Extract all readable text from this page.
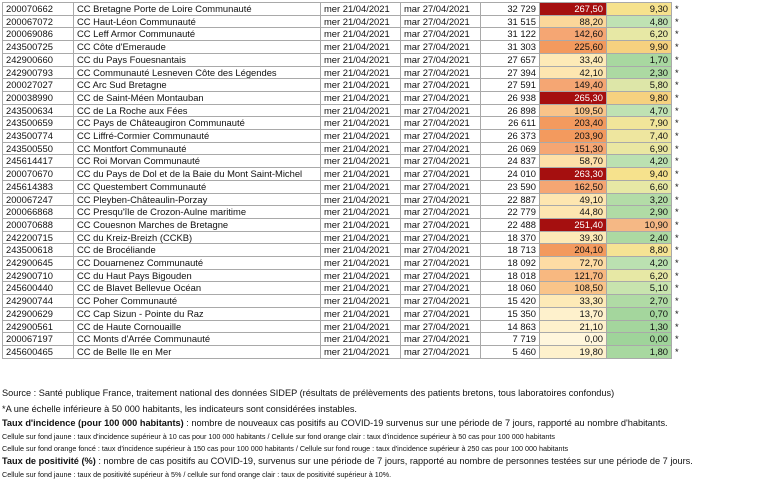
200070662	CC Bretagne Porte de Loire Communauté	mer 21/04/2021	mar 27/04/2021	32 729	267,50	9,30	*
200067072	CC Haut-Léon Communauté	mer 21/04/2021	mar 27/04/2021	31 515	88,20	4,80	*
200069086	CC Leff Armor Communauté	mer 21/04/2021	mar 27/04/2021	31 122	142,60	6,20	*
243500725	CC Côte d'Emeraude	mer 21/04/2021	mar 27/04/2021	31 303	225,60	9,90	*
242900660	CC du Pays Fouesnantais	mer 21/04/2021	mar 27/04/2021	27 657	33,40	1,70	*
242900793	CC Communauté Lesneven Côte des Légendes	mer 21/04/2021	mar 27/04/2021	27 394	42,10	2,30	*
200027027	CC Arc Sud Bretagne	mer 21/04/2021	mar 27/04/2021	27 591	149,40	5,80	*
200038990	CC de Saint-Méen Montauban	mer 21/04/2021	mar 27/04/2021	26 938	265,30	9,80	*
243500634	CC de La Roche aux Fées	mer 21/04/2021	mar 27/04/2021	26 898	109,50	4,70	*
243500659	CC Pays de Châteaugiron Communauté	mer 21/04/2021	mar 27/04/2021	26 611	203,40	7,90	*
243500774	CC Liffré-Cormier Communauté	mer 21/04/2021	mar 27/04/2021	26 373	203,90	7,40	*
243500550	CC Montfort Communauté	mer 21/04/2021	mar 27/04/2021	26 069	151,30	6,90	*
245614417	CC Roi Morvan Communauté	mer 21/04/2021	mar 27/04/2021	24 837	58,70	4,20	*
200070670	CC du Pays de Dol et de la Baie du Mont Saint-Michel	mer 21/04/2021	mar 27/04/2021	24 010	263,30	9,40	*
245614383	CC Questembert Communauté	mer 21/04/2021	mar 27/04/2021	23 590	162,50	6,60	*
200067247	CC Pleyben-Châteaulin-Porzay	mer 21/04/2021	mar 27/04/2021	22 887	49,10	3,20	*
200066868	CC Presqu'île de Crozon-Aulne maritime	mer 21/04/2021	mar 27/04/2021	22 779	44,80	2,90	*
200070688	CC Couesnon Marches de Bretagne	mer 21/04/2021	mar 27/04/2021	22 488	251,40	10,90	*
242200715	CC du Kreiz-Breizh (CCKB)	mer 21/04/2021	mar 27/04/2021	18 370	39,30	2,40	*
243500618	CC de Brocéliande	mer 21/04/2021	mar 27/04/2021	18 713	204,10	8,80	*
242900645	CC Douarnenez Communauté	mer 21/04/2021	mar 27/04/2021	18 092	72,70	4,20	*
242900710	CC du Haut Pays Bigouden	mer 21/04/2021	mar 27/04/2021	18 018	121,70	6,20	*
245600440	CC de Blavet Bellevue Océan	mer 21/04/2021	mar 27/04/2021	18 060	108,50	5,10	*
242900744	CC Poher Communauté	mer 21/04/2021	mar 27/04/2021	15 420	33,30	2,70	*
242900629	CC Cap Sizun - Pointe du Raz	mer 21/04/2021	mar 27/04/2021	15 350	13,70	0,70	*
242900561	CC de Haute Cornouaille	mer 21/04/2021	mar 27/04/2021	14 863	21,10	1,30	*
200067197	CC Monts d'Arrée Communauté	mer 21/04/2021	mar 27/04/2021	7 719	0,00	0,00	*
245600465	CC de Belle Ile en Mer	mer 21/04/2021	mar 27/04/2021	5 460	19,80	1,80	*
Source : Santé publique France, traitement national des données SIDEP (résultats de prélèvements des patients bretons, tous laboratoires confondus)
*A une échelle inférieure à 50 000 habitants, les indicateurs sont considérées instables.
Taux d'incidence (pour 100 000 habitants) : nombre de nouveaux cas positifs au COVID-19 survenus sur une période de 7 jours, rapporté au nombre d'habitants.
Cellule sur fond jaune : taux d'incidence supérieur à 10 cas pour 100 000 habitants / Cellule sur fond orange clair : taux d'incidence supérieur à 50 cas pour 100 000 habitants
Cellule sur fond orange foncé : taux d'incidence supérieur à 150 cas pour 100 000 habitants / Cellule sur fond rouge : taux d'incidence supérieur à 250 cas pour 100 000 habitants
Taux de positivité (%) : nombre de cas positifs au COVID-19, survenus sur une période de 7 jours, rapporté au nombre de personnes testées sur une période de 7 jours.
Cellule sur fond jaune : taux de positivité supérieur à 5% / cellule sur fond orange clair : taux de positivité supérieur à 10%.
